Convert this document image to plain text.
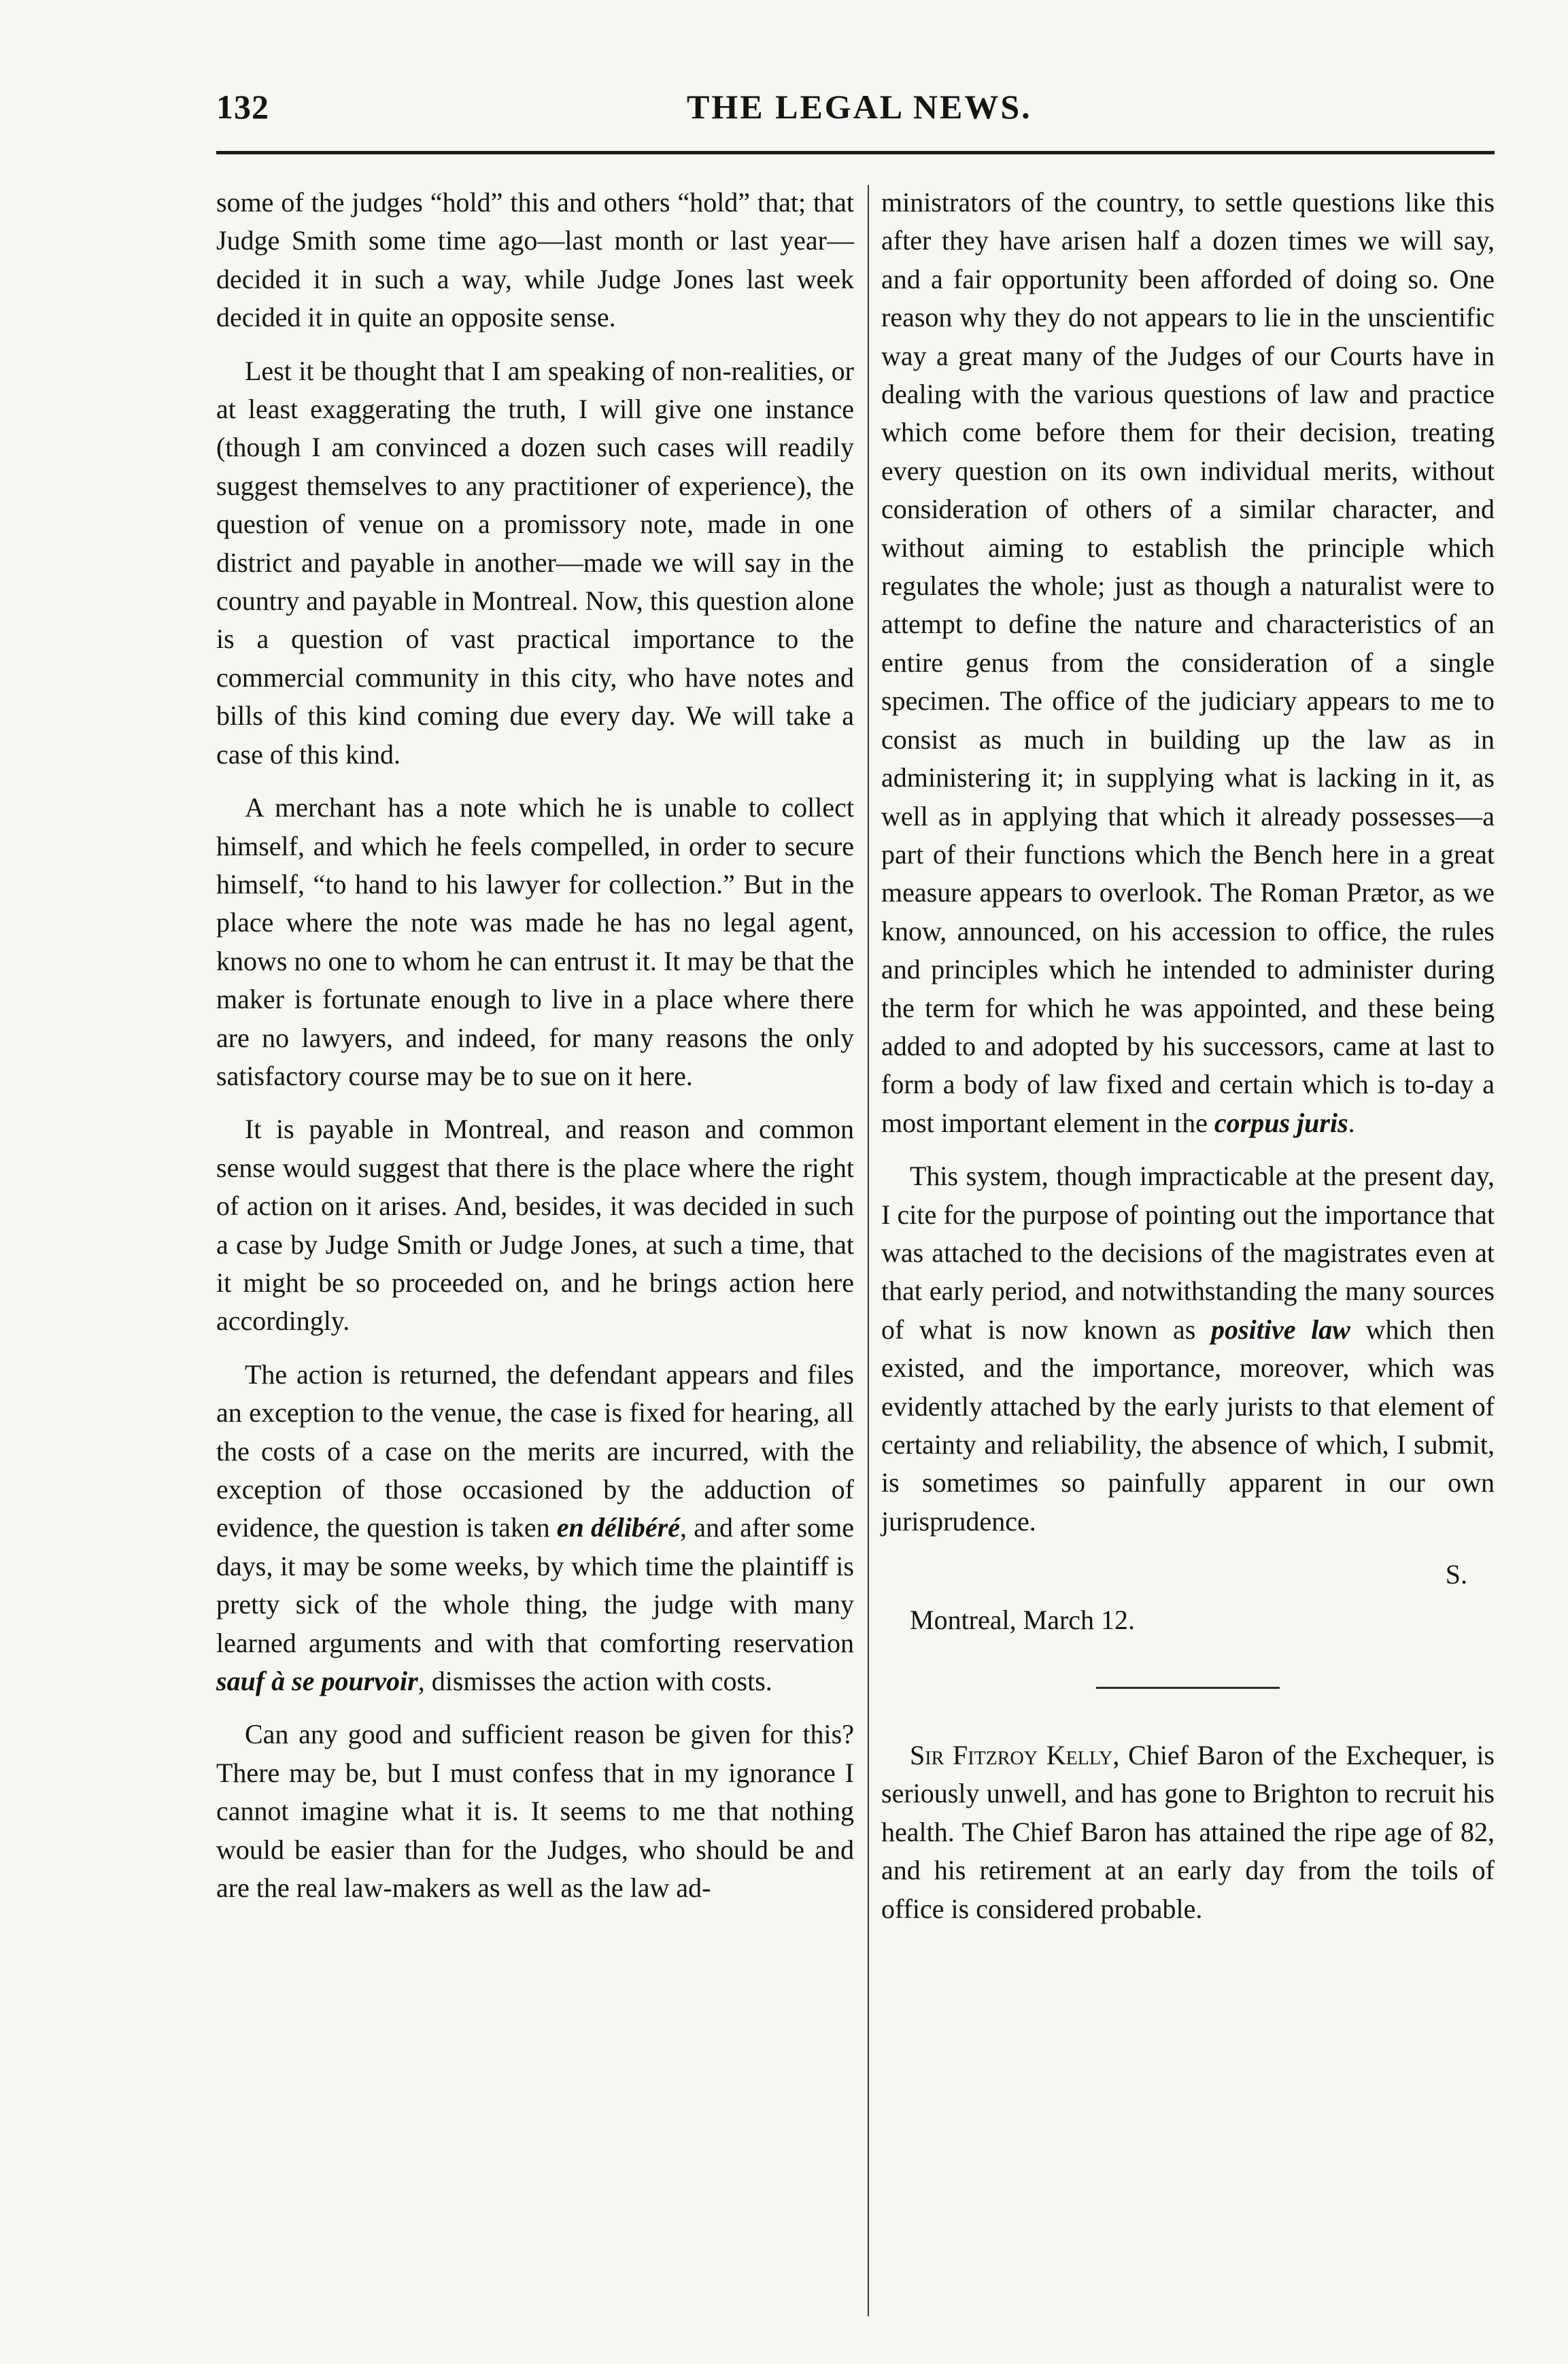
132	THE LEGAL NEWS.

some of the judges “hold” this and others “hold” that; that Judge Smith some time ago—last month or last year—decided it in such a way, while Judge Jones last week decided it in quite an opposite sense.

Lest it be thought that I am speaking of non-realities, or at least exaggerating the truth, I will give one instance (though I am convinced a dozen such cases will readily suggest themselves to any practitioner of experience), the question of venue on a promissory note, made in one district and payable in another—made we will say in the country and payable in Montreal. Now, this question alone is a question of vast practical importance to the commercial community in this city, who have notes and bills of this kind coming due every day. We will take a case of this kind.

A merchant has a note which he is unable to collect himself, and which he feels compelled, in order to secure himself, “to hand to his lawyer for collection.” But in the place where the note was made he has no legal agent, knows no one to whom he can entrust it. It may be that the maker is fortunate enough to live in a place where there are no lawyers, and indeed, for many reasons the only satisfactory course may be to sue on it here.

It is payable in Montreal, and reason and common sense would suggest that there is the place where the right of action on it arises. And, besides, it was decided in such a case by Judge Smith or Judge Jones, at such a time, that it might be so proceeded on, and he brings action here accordingly.

The action is returned, the defendant appears and files an exception to the venue, the case is fixed for hearing, all the costs of a case on the merits are incurred, with the exception of those occasioned by the adduction of evidence, the question is taken en délibéré, and after some days, it may be some weeks, by which time the plaintiff is pretty sick of the whole thing, the judge with many learned arguments and with that comforting reservation sauf à se pourvoir, dismisses the action with costs.

Can any good and sufficient reason be given for this? There may be, but I must confess that in my ignorance I cannot imagine what it is. It seems to me that nothing would be easier than for the Judges, who should be and are the real law-makers as well as the law ad-

ministrators of the country, to settle questions like this after they have arisen half a dozen times we will say, and a fair opportunity been afforded of doing so. One reason why they do not appears to lie in the unscientific way a great many of the Judges of our Courts have in dealing with the various questions of law and practice which come before them for their decision, treating every question on its own individual merits, without consideration of others of a similar character, and without aiming to establish the principle which regulates the whole; just as though a naturalist were to attempt to define the nature and characteristics of an entire genus from the consideration of a single specimen. The office of the judiciary appears to me to consist as much in building up the law as in administering it; in supplying what is lacking in it, as well as in applying that which it already possesses—a part of their functions which the Bench here in a great measure appears to overlook. The Roman Prætor, as we know, announced, on his accession to office, the rules and principles which he intended to administer during the term for which he was appointed, and these being added to and adopted by his successors, came at last to form a body of law fixed and certain which is to-day a most important element in the corpus juris.

This system, though impracticable at the present day, I cite for the purpose of pointing out the importance that was attached to the decisions of the magistrates even at that early period, and notwithstanding the many sources of what is now known as positive law which then existed, and the importance, moreover, which was evidently attached by the early jurists to that element of certainty and reliability, the absence of which, I submit, is sometimes so painfully apparent in our own jurisprudence.

S.

Montreal, March 12.

Sir Fitzroy Kelly, Chief Baron of the Exchequer, is seriously unwell, and has gone to Brighton to recruit his health. The Chief Baron has attained the ripe age of 82, and his retirement at an early day from the toils of office is considered probable.
